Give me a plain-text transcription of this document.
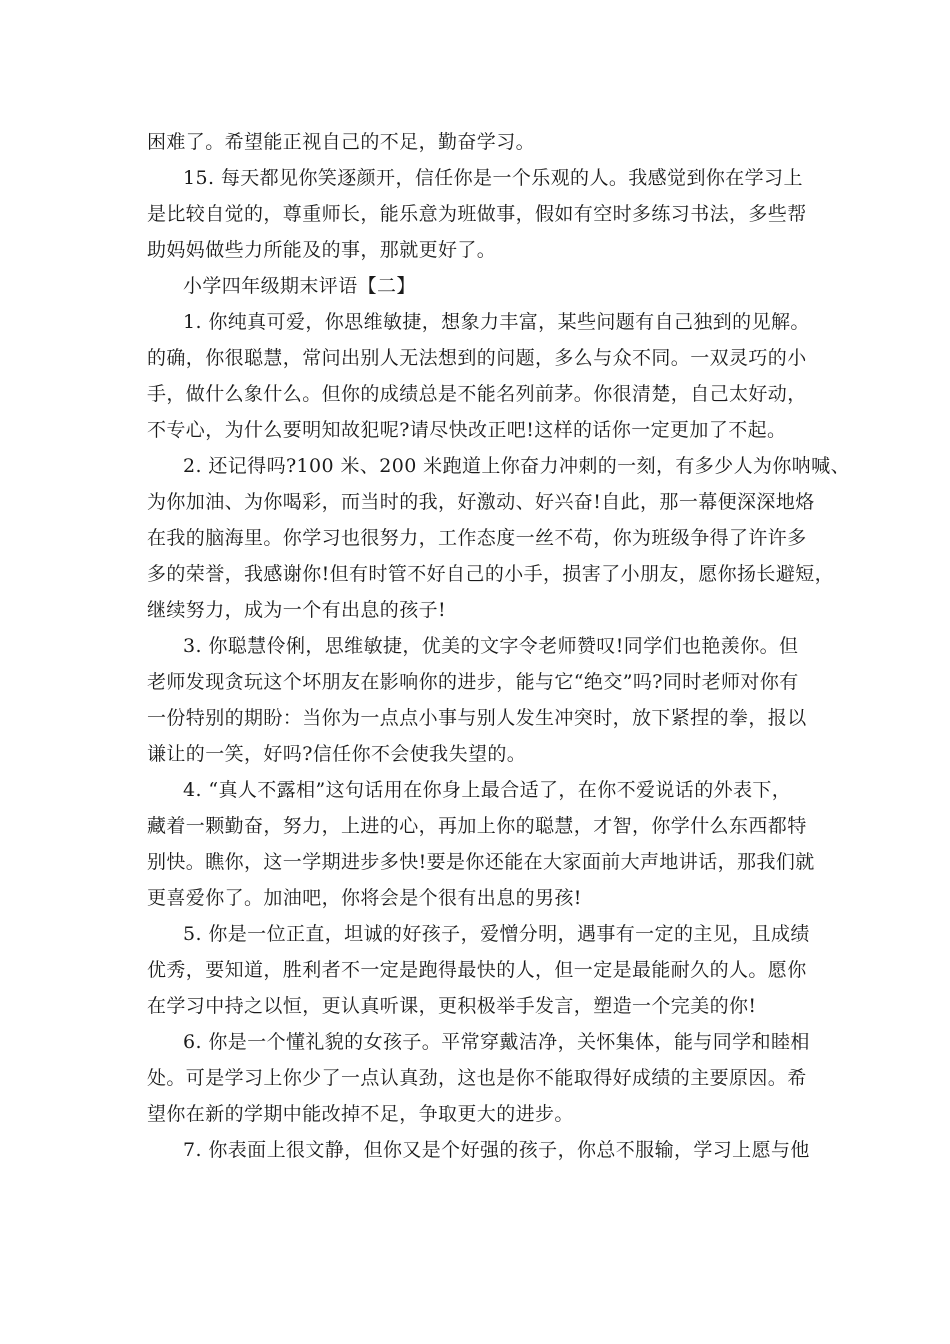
困难了。希望能正视自己的不足，勤奋学习。
15. 每天都见你笑逐颜开，信任你是一个乐观的人。我感觉到你在学习上
是比较自觉的，尊重师长，能乐意为班做事，假如有空时多练习书法，多些帮
助妈妈做些力所能及的事，那就更好了。
小学四年级期末评语【二】
1. 你纯真可爱，你思维敏捷，想象力丰富，某些问题有自己独到的见解。
的确，你很聪慧，常问出别人无法想到的问题，多么与众不同。一双灵巧的小
手，做什么象什么。但你的成绩总是不能名列前茅。你很清楚，自己太好动，
不专心，为什么要明知故犯呢?请尽快改正吧!这样的话你一定更加了不起。
2. 还记得吗?100 米、200 米跑道上你奋力冲刺的一刻，有多少人为你呐喊、
为你加油、为你喝彩，而当时的我，好激动、好兴奋!自此，那一幕便深深地烙
在我的脑海里。你学习也很努力，工作态度一丝不苟，你为班级争得了许许多
多的荣誉，我感谢你!但有时管不好自己的小手，损害了小朋友，愿你扬长避短，
继续努力，成为一个有出息的孩子!
3. 你聪慧伶俐，思维敏捷，优美的文字令老师赞叹!同学们也艳羡你。但
老师发现贪玩这个坏朋友在影响你的进步，能与它“绝交”吗?同时老师对你有
一份特别的期盼：当你为一点点小事与别人发生冲突时，放下紧捏的拳，报以
谦让的一笑，好吗?信任你不会使我失望的。
4. “真人不露相”这句话用在你身上最合适了，在你不爱说话的外表下，
藏着一颗勤奋，努力，上进的心，再加上你的聪慧，才智，你学什么东西都特
别快。瞧你，这一学期进步多快!要是你还能在大家面前大声地讲话，那我们就
更喜爱你了。加油吧，你将会是个很有出息的男孩!
5. 你是一位正直，坦诚的好孩子，爱憎分明，遇事有一定的主见，且成绩
优秀，要知道，胜利者不一定是跑得最快的人，但一定是最能耐久的人。愿你
在学习中持之以恒，更认真听课，更积极举手发言，塑造一个完美的你!
6. 你是一个懂礼貌的女孩子。平常穿戴洁净，关怀集体，能与同学和睦相
处。可是学习上你少了一点认真劲，这也是你不能取得好成绩的主要原因。希
望你在新的学期中能改掉不足，争取更大的进步。
7. 你表面上很文静，但你又是个好强的孩子，你总不服输，学习上愿与他
